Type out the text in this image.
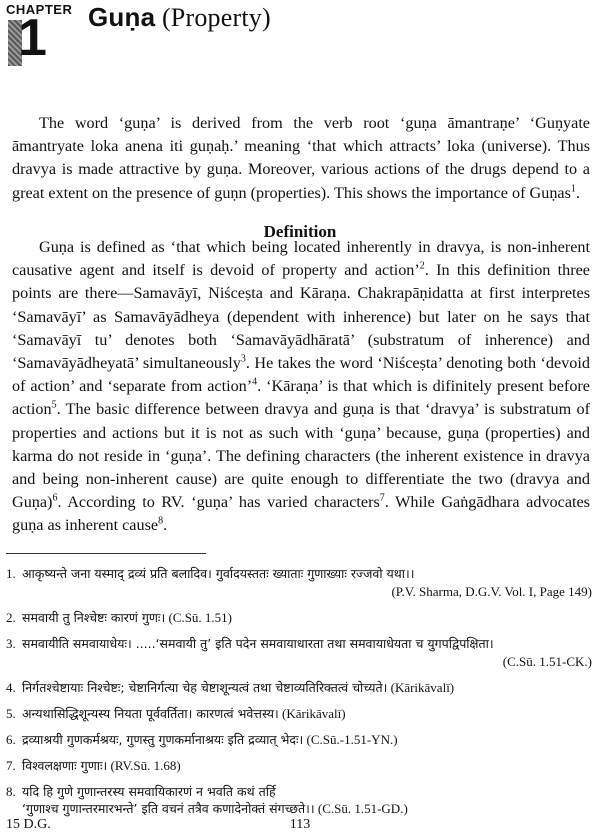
CHAPTER
1 Guṇa (Property)

The word ‘guṇa’ is derived from the verb root ‘guṇa āmantraṇe’ ‘Guṇyate āmantryate loka anena iti guṇaḥ.’ meaning ‘that which attracts’ loka (universe). Thus dravya is made attractive by guṇa. Moreover, various actions of the drugs depend to a great extent on the presence of guṇn (properties). This shows the importance of Guṇas$^1$.

Definition

Guṇa is defined as ‘that which being located inherently in dravya, is non-inherent causative agent and itself is devoid of property and action’$^2$. In this definition three points are there—Samavāyī, Niśceṣta and Kāraṇa. Chakrapāṇidatta at first interpretes ‘Samavāyī’ as Samavāyādheya (dependent with inherence) but later on he says that ‘Samavāyī tu’ denotes both ‘Samavāyādhāratā’ (substratum of inherence) and ‘Samavāyādheyatā’ simultaneously$^3$. He takes the word ‘Niśceṣta’ denoting both ‘devoid of action’ and ‘separate from action’$^4$. ‘Kāraṇa’ is that which is difinitely present before action$^5$. The basic difference between dravya and guṇa is that ‘dravya’ is substratum of properties and actions but it is not as such with ‘guṇa’ because, guṇa (properties) and karma do not reside in ‘guṇa’. The defining characters (the inherent existence in dravya and being non-inherent cause) are quite enough to differentiate the two (dravya and Guṇa)$^6$. According to RV. ‘guṇa’ has varied characters$^7$. While Gaṅgādhara advocates guṇa as inherent cause$^8$.

1. आकृष्यन्ते जना यस्माद् द्रव्यं प्रति बलादिव। गुर्वादयस्ततः ख्याताः गुणाख्याः रज्जवो यथा।।
(P.V. Sharma, D.G.V. Vol. I, Page 149)
2. समवायी तु निश्चेष्टः कारणं गुणः। (C.Sū. 1.51)
3. समवायीति समवायाधेयः। .....‘समवायी तु’ इति पदेन समवायाधारता तथा समवायाधेयता च युगपद्विपक्षिता।
(C.Sū. 1.51-CK.)
4. निर्गतश्चेष्टायाः निश्चेष्टः; चेष्टानिर्गत्या चेह चेष्टाशून्यत्वं तथा चेष्टाव्यतिरिक्तत्वं चोच्यते। (Kārikāvalī)
5. अन्यथासिद्धिशून्यस्य नियता पूर्ववर्तिता। कारणत्वं भवेत्तस्य। (Kārikāvalī)
6. द्रव्याश्रयी गुणकर्मश्रयः, गुणस्तु गुणकर्मानाश्रयः इति द्रव्यात् भेदः। (C.Sū.-1.51-YN.)
7. विश्वलक्षणाः गुणाः। (RV.Sū. 1.68)
8. यदि हि गुणे गुणान्तरस्य समवायिकारणं न भवति कथं तर्हि
‘गुणाश्च गुणान्तरमारभन्ते’ इति वचनं तत्रैव कणादेनोक्तं संगच्छते।। (C.Sū. 1.51-GD.)
113
15 D.G.
